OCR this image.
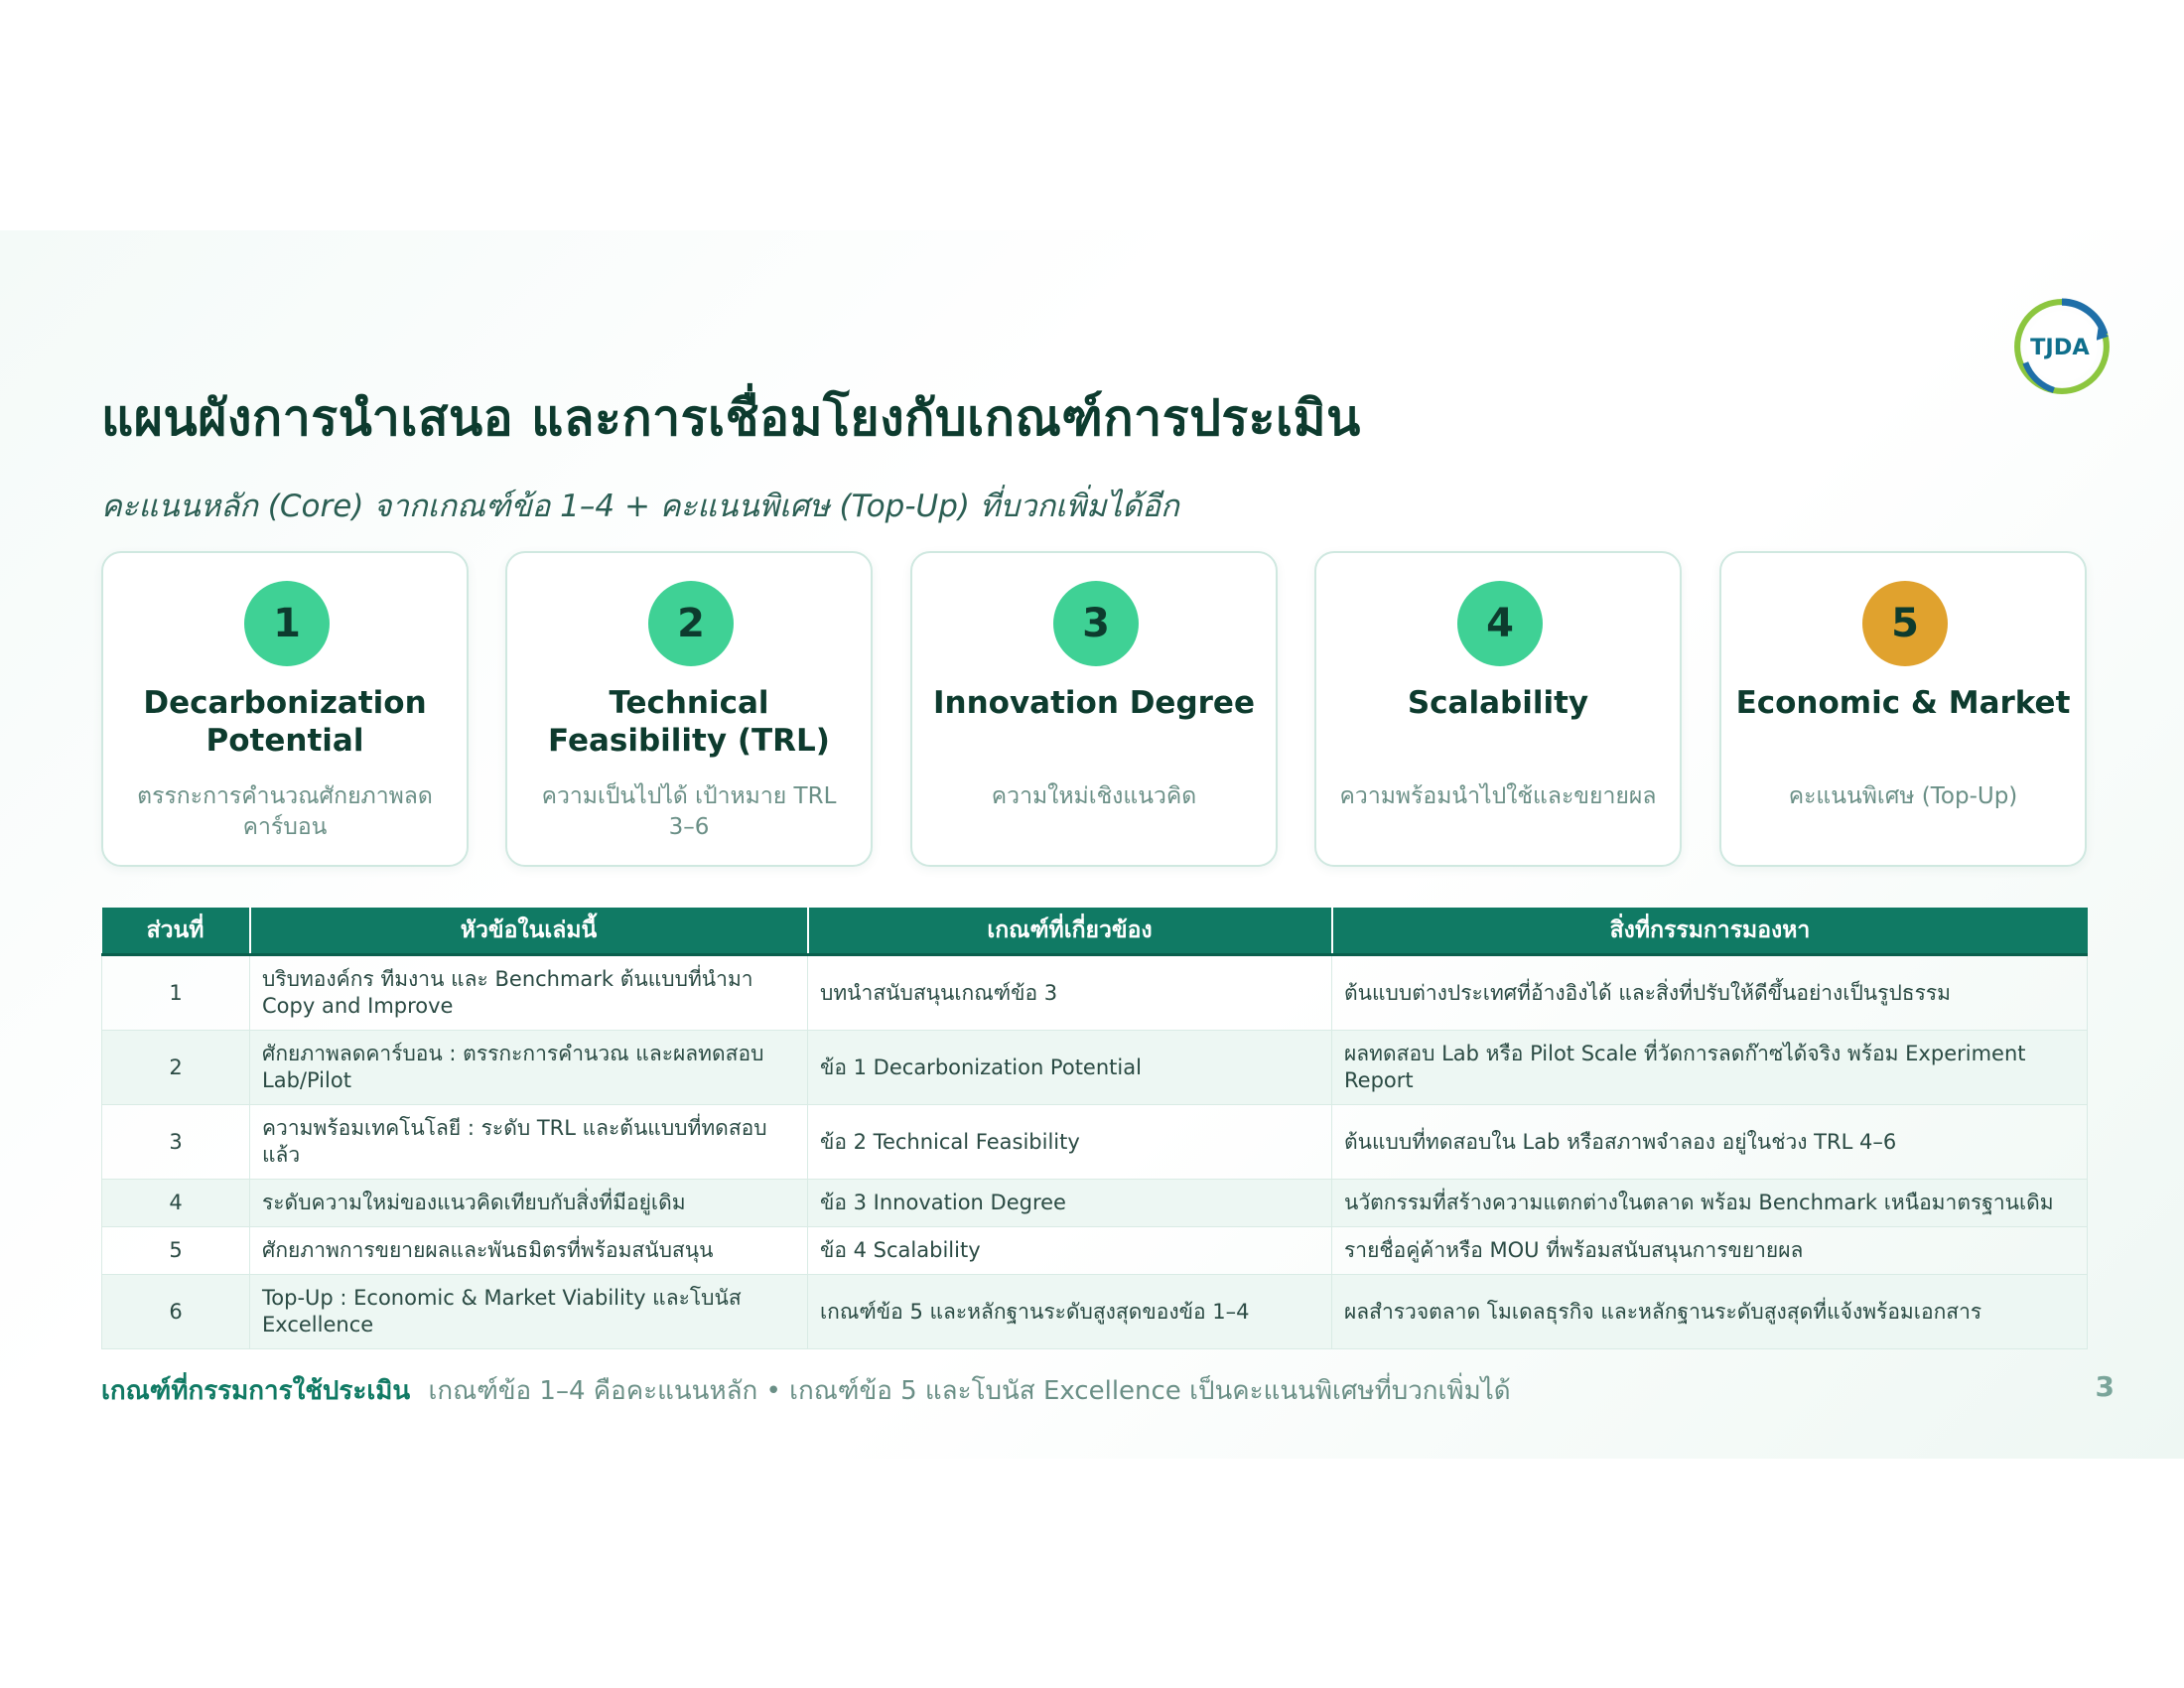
TJDA
แผนผังการนำเสนอ และการเชื่อมโยงกับเกณฑ์การประเมิน

คะแนนหลัก (Core) จากเกณฑ์ข้อ 1–4 + คะแนนพิเศษ (Top-Up) ที่บวกเพิ่มได้อีก

1
Decarbonization Potential
ตรรกะการคำนวณศักยภาพลดคาร์บอน
2
Technical Feasibility (TRL)
ความเป็นไปได้ เป้าหมาย TRL 3–6
3
Innovation Degree
ความใหม่เชิงแนวคิด
4
Scalability
ความพร้อมนำไปใช้และขยายผล
5
Economic & Market
คะแนนพิเศษ (Top-Up)
ส่วนที่	หัวข้อในเล่มนี้	เกณฑ์ที่เกี่ยวข้อง	สิ่งที่กรรมการมองหา
1	บริบทองค์กร ทีมงาน และ Benchmark ต้นแบบที่นำมา Copy and Improve	บทนำสนับสนุนเกณฑ์ข้อ 3	ต้นแบบต่างประเทศที่อ้างอิงได้ และสิ่งที่ปรับให้ดีขึ้นอย่างเป็นรูปธรรม
2	ศักยภาพลดคาร์บอน : ตรรกะการคำนวณ และผลทดสอบ Lab/Pilot	ข้อ 1 Decarbonization Potential	ผลทดสอบ Lab หรือ Pilot Scale ที่วัดการลดก๊าซได้จริง พร้อม Experiment Report
3	ความพร้อมเทคโนโลยี : ระดับ TRL และต้นแบบที่ทดสอบแล้ว	ข้อ 2 Technical Feasibility	ต้นแบบที่ทดสอบใน Lab หรือสภาพจำลอง อยู่ในช่วง TRL 4–6
4	ระดับความใหม่ของแนวคิดเทียบกับสิ่งที่มีอยู่เดิม	ข้อ 3 Innovation Degree	นวัตกรรมที่สร้างความแตกต่างในตลาด พร้อม Benchmark เหนือมาตรฐานเดิม
5	ศักยภาพการขยายผลและพันธมิตรที่พร้อมสนับสนุน	ข้อ 4 Scalability	รายชื่อคู่ค้าหรือ MOU ที่พร้อมสนับสนุนการขยายผล
6	Top-Up : Economic & Market Viability และโบนัส Excellence	เกณฑ์ข้อ 5 และหลักฐานระดับสูงสุดของข้อ 1–4	ผลสำรวจตลาด โมเดลธุรกิจ และหลักฐานระดับสูงสุดที่แจ้งพร้อมเอกสาร
เกณฑ์ที่กรรมการใช้ประเมิน เกณฑ์ข้อ 1–4 คือคะแนนหลัก • เกณฑ์ข้อ 5 และโบนัส Excellence เป็นคะแนนพิเศษที่บวกเพิ่มได้	3
